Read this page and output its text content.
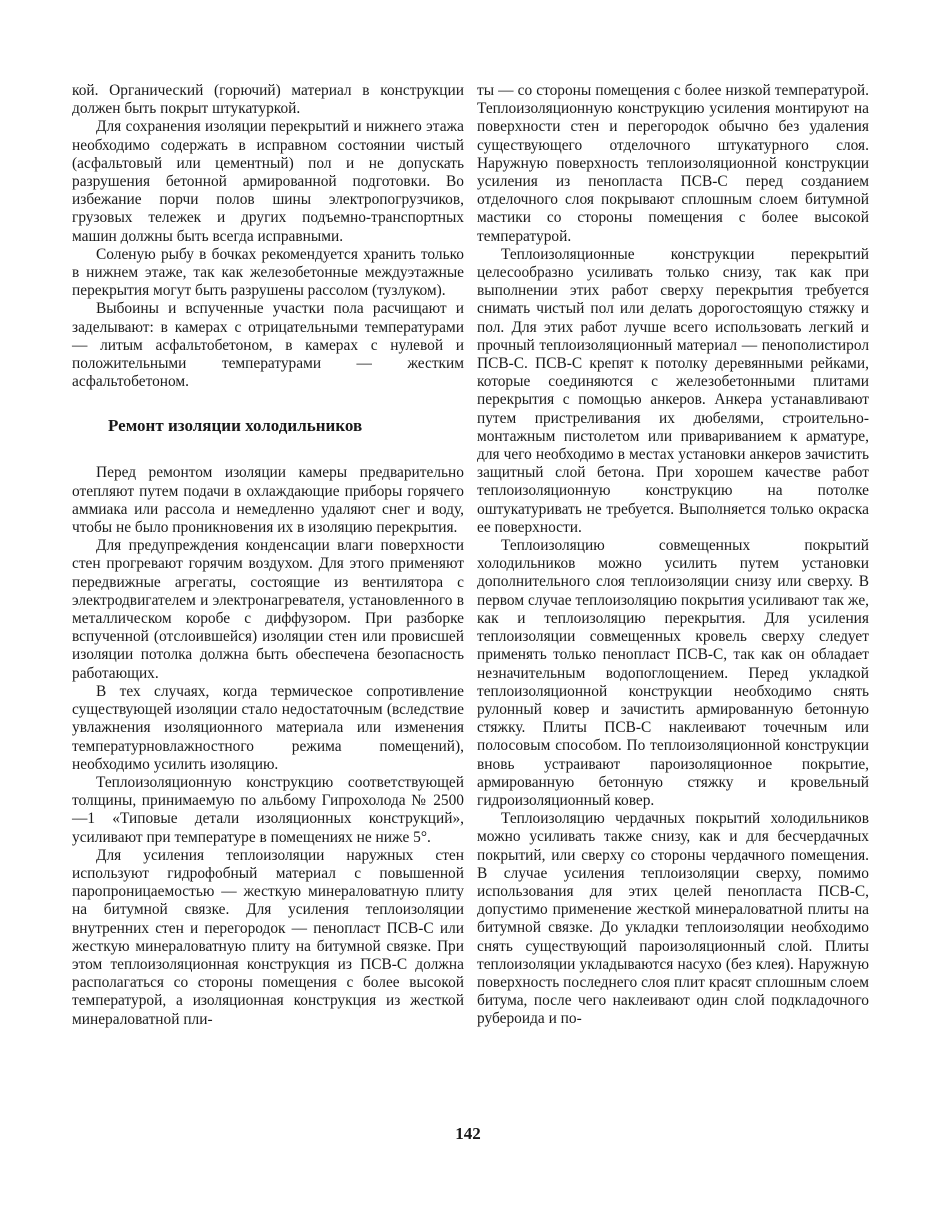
кой. Органический (горючий) материал в конструкции должен быть покрыт штукатуркой.

Для сохранения изоляции перекрытий и нижнего этажа необходимо содержать в исправном состоянии чистый (асфальтовый или цементный) пол и не допускать разрушения бетонной армированной подготовки. Во избежание порчи полов шины электропогрузчиков, грузовых тележек и других подъемно-транспортных машин должны быть всегда исправными.

Соленую рыбу в бочках рекомендуется хранить только в нижнем этаже, так как железобетонные междуэтажные перекрытия могут быть разрушены рассолом (тузлуком).

Выбоины и вспученные участки пола расчищают и заделывают: в камерах с отрицательными температурами — литым асфальтобетоном, в камерах с нулевой и положительными температурами — жестким асфальтобетоном.

Ремонт изоляции холодильников

Перед ремонтом изоляции камеры предварительно отепляют путем подачи в охлаждающие приборы горячего аммиака или рассола и немедленно удаляют снег и воду, чтобы не было проникновения их в изоляцию перекрытия.

Для предупреждения конденсации влаги поверхности стен прогревают горячим воздухом. Для этого применяют передвижные агрегаты, состоящие из вентилятора с электродвигателем и электронагревателя, установленного в металлическом коробе с диффузором. При разборке вспученной (отслоившейся) изоляции стен или провисшей изоляции потолка должна быть обеспечена безопасность работающих.

В тех случаях, когда термическое сопротивление существующей изоляции стало недостаточным (вследствие увлажнения изоляционного материала или изменения температурновлажностного режима помещений), необходимо усилить изоляцию.

Теплоизоляционную конструкцию соответствующей толщины, принимаемую по альбому Гипрохолода № 2500—1 «Типовые детали изоляционных конструкций», усиливают при температуре в помещениях не ниже 5°.

Для усиления теплоизоляции наружных стен используют гидрофобный материал с повышенной паропроницаемостью — жесткую минераловатную плиту на битумной связке. Для усиления теплоизоляции внутренних стен и перегородок — пенопласт ПСВ-С или жесткую минераловатную плиту на битумной связке. При этом теплоизоляционная конструкция из ПСВ-С должна располагаться со стороны помещения с более высокой температурой, а изоляционная конструкция из жесткой минераловатной пли-

ты — со стороны помещения с более низкой температурой. Теплоизоляционную конструкцию усиления монтируют на поверхности стен и перегородок обычно без удаления существующего отделочного штукатурного слоя. Наружную поверхность теплоизоляционной конструкции усиления из пенопласта ПСВ-С перед созданием отделочного слоя покрывают сплошным слоем битумной мастики со стороны помещения с более высокой температурой.

Теплоизоляционные конструкции перекрытий целесообразно усиливать только снизу, так как при выполнении этих работ сверху перекрытия требуется снимать чистый пол или делать дорогостоящую стяжку и пол. Для этих работ лучше всего использовать легкий и прочный теплоизоляционный материал — пенополистирол ПСВ-С. ПСВ-С крепят к потолку деревянными рейками, которые соединяются с железобетонными плитами перекрытия с помощью анкеров. Анкера устанавливают путем пристреливания их дюбелями, строительно-монтажным пистолетом или привариванием к арматуре, для чего необходимо в местах установки анкеров зачистить защитный слой бетона. При хорошем качестве работ теплоизоляционную конструкцию на потолке оштукатуривать не требуется. Выполняется только окраска ее поверхности.

Теплоизоляцию совмещенных покрытий холодильников можно усилить путем установки дополнительного слоя теплоизоляции снизу или сверху. В первом случае теплоизоляцию покрытия усиливают так же, как и теплоизоляцию перекрытия. Для усиления теплоизоляции совмещенных кровель сверху следует применять только пенопласт ПСВ-С, так как он обладает незначительным водопоглощением. Перед укладкой теплоизоляционной конструкции необходимо снять рулонный ковер и зачистить армированную бетонную стяжку. Плиты ПСВ-С наклеивают точечным или полосовым способом. По теплоизоляционной конструкции вновь устраивают пароизоляционное покрытие, армированную бетонную стяжку и кровельный гидроизоляционный ковер.

Теплоизоляцию чердачных покрытий холодильников можно усиливать также снизу, как и для бесчердачных покрытий, или сверху со стороны чердачного помещения. В случае усиления теплоизоляции сверху, помимо использования для этих целей пенопласта ПСВ-С, допустимо применение жесткой минераловатной плиты на битумной связке. До укладки теплоизоляции необходимо снять существующий пароизоляционный слой. Плиты теплоизоляции укладываются насухо (без клея). Наружную поверхность последнего слоя плит красят сплошным слоем битума, после чего наклеивают один слой подкладочного рубероида и по-

142
